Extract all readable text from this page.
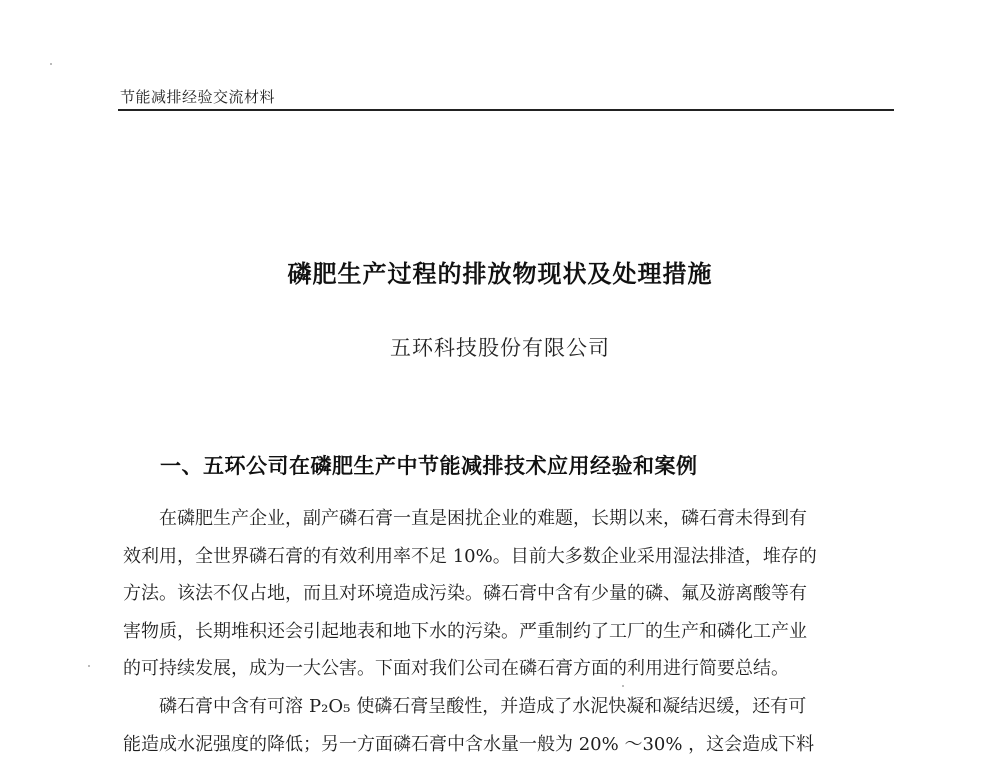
节能减排经验交流材料
磷肥生产过程的排放物现状及处理措施
五环科技股份有限公司
一、五环公司在磷肥生产中节能减排技术应用经验和案例
在磷肥生产企业，副产磷石膏一直是困扰企业的难题，长期以来，磷石膏未得到有
效利用，全世界磷石膏的有效利用率不足 10%。目前大多数企业采用湿法排渣，堆存的
方法。该法不仅占地，而且对环境造成污染。磷石膏中含有少量的磷、氟及游离酸等有
害物质，长期堆积还会引起地表和地下水的污染。严重制约了工厂的生产和磷化工产业
的可持续发展，成为一大公害。下面对我们公司在磷石膏方面的利用进行简要总结。
磷石膏中含有可溶 P₂O₅ 使磷石膏呈酸性，并造成了水泥快凝和凝结迟缓，还有可
能造成水泥强度的降低；另一方面磷石膏中含水量一般为 20% ～30% ，这会造成下料
